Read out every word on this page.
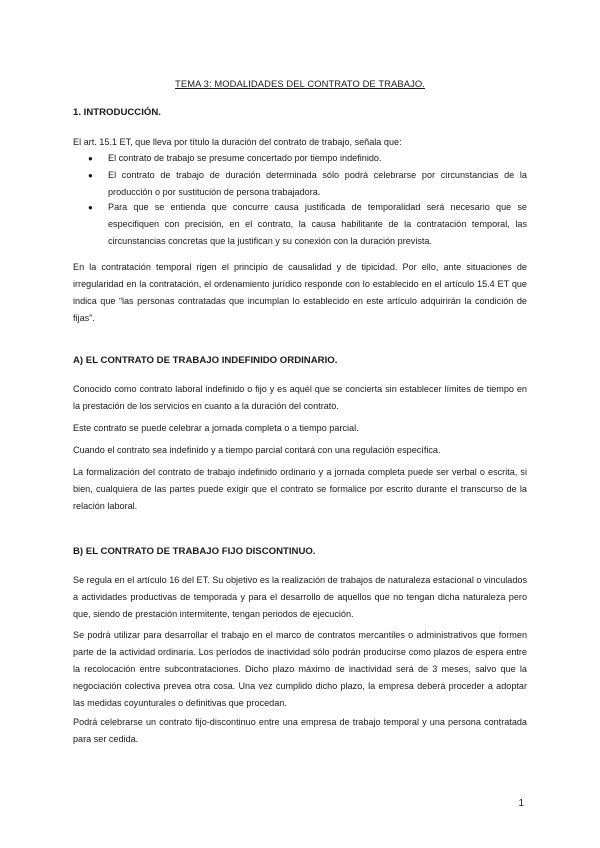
TEMA 3: MODALIDADES DEL CONTRATO DE TRABAJO.
1. INTRODUCCIÓN.

El art. 15.1 ET, que lleva por título la duración del contrato de trabajo, señala que:

● El contrato de trabajo se presume concertado por tiempo indefinido.

● El contrato de trabajo de duración determinada sólo podrá celebrarse por circunstancias de la producción o por sustitución de persona trabajadora.

● Para que se entienda que concurre causa justificada de temporalidad será necesario que se especifiquen con precisión, en el contrato, la causa habilitante de la contratación temporal, las circunstancias concretas que la justifican y su conexión con la duración prevista.

En la contratación temporal rigen el principio de causalidad y de tipicidad. Por ello, ante situaciones de irregularidad en la contratación, el ordenamiento jurídico responde con lo establecido en el artículo 15.4 ET que indica que “las personas contratadas que incumplan lo establecido en este artículo adquirirán la condición de fijas”.

A) EL CONTRATO DE TRABAJO INDEFINIDO ORDINARIO.

Conocido como contrato laboral indefinido o fijo y es aquél que se concierta sin establecer límites de tiempo en la prestación de los servicios en cuanto a la duración del contrato.

Este contrato se puede celebrar a jornada completa o a tiempo parcial.

Cuando el contrato sea indefinido y a tiempo parcial contará con una regulación específica.

La formalización del contrato de trabajo indefinido ordinario y a jornada completa puede ser verbal o escrita, si bien, cualquiera de las partes puede exigir que el contrato se formalice por escrito durante el transcurso de la relación laboral.

B) EL CONTRATO DE TRABAJO FIJO DISCONTINUO.

Se regula en el artículo 16 del ET. Su objetivo es la realización de trabajos de naturaleza estacional o vinculados a actividades productivas de temporada y para el desarrollo de aquellos que no tengan dicha naturaleza pero que, siendo de prestación intermitente, tengan periodos de ejecución.

Se podrá utilizar para desarrollar el trabajo en el marco de contratos mercantiles o administrativos que formen parte de la actividad ordinaria. Los períodos de inactividad sólo podrán producirse como plazos de espera entre la recolocación entre subcontrataciones. Dicho plazo máximo de inactividad será de 3 meses, salvo que la negociación colectiva prevea otra cosa. Una vez cumplido dicho plazo, la empresa deberá proceder a adoptar las medidas coyunturales o definitivas que procedan.

Podrá celebrarse un contrato fijo-discontinuo entre una empresa de trabajo temporal y una persona contratada para ser cedida.

1
